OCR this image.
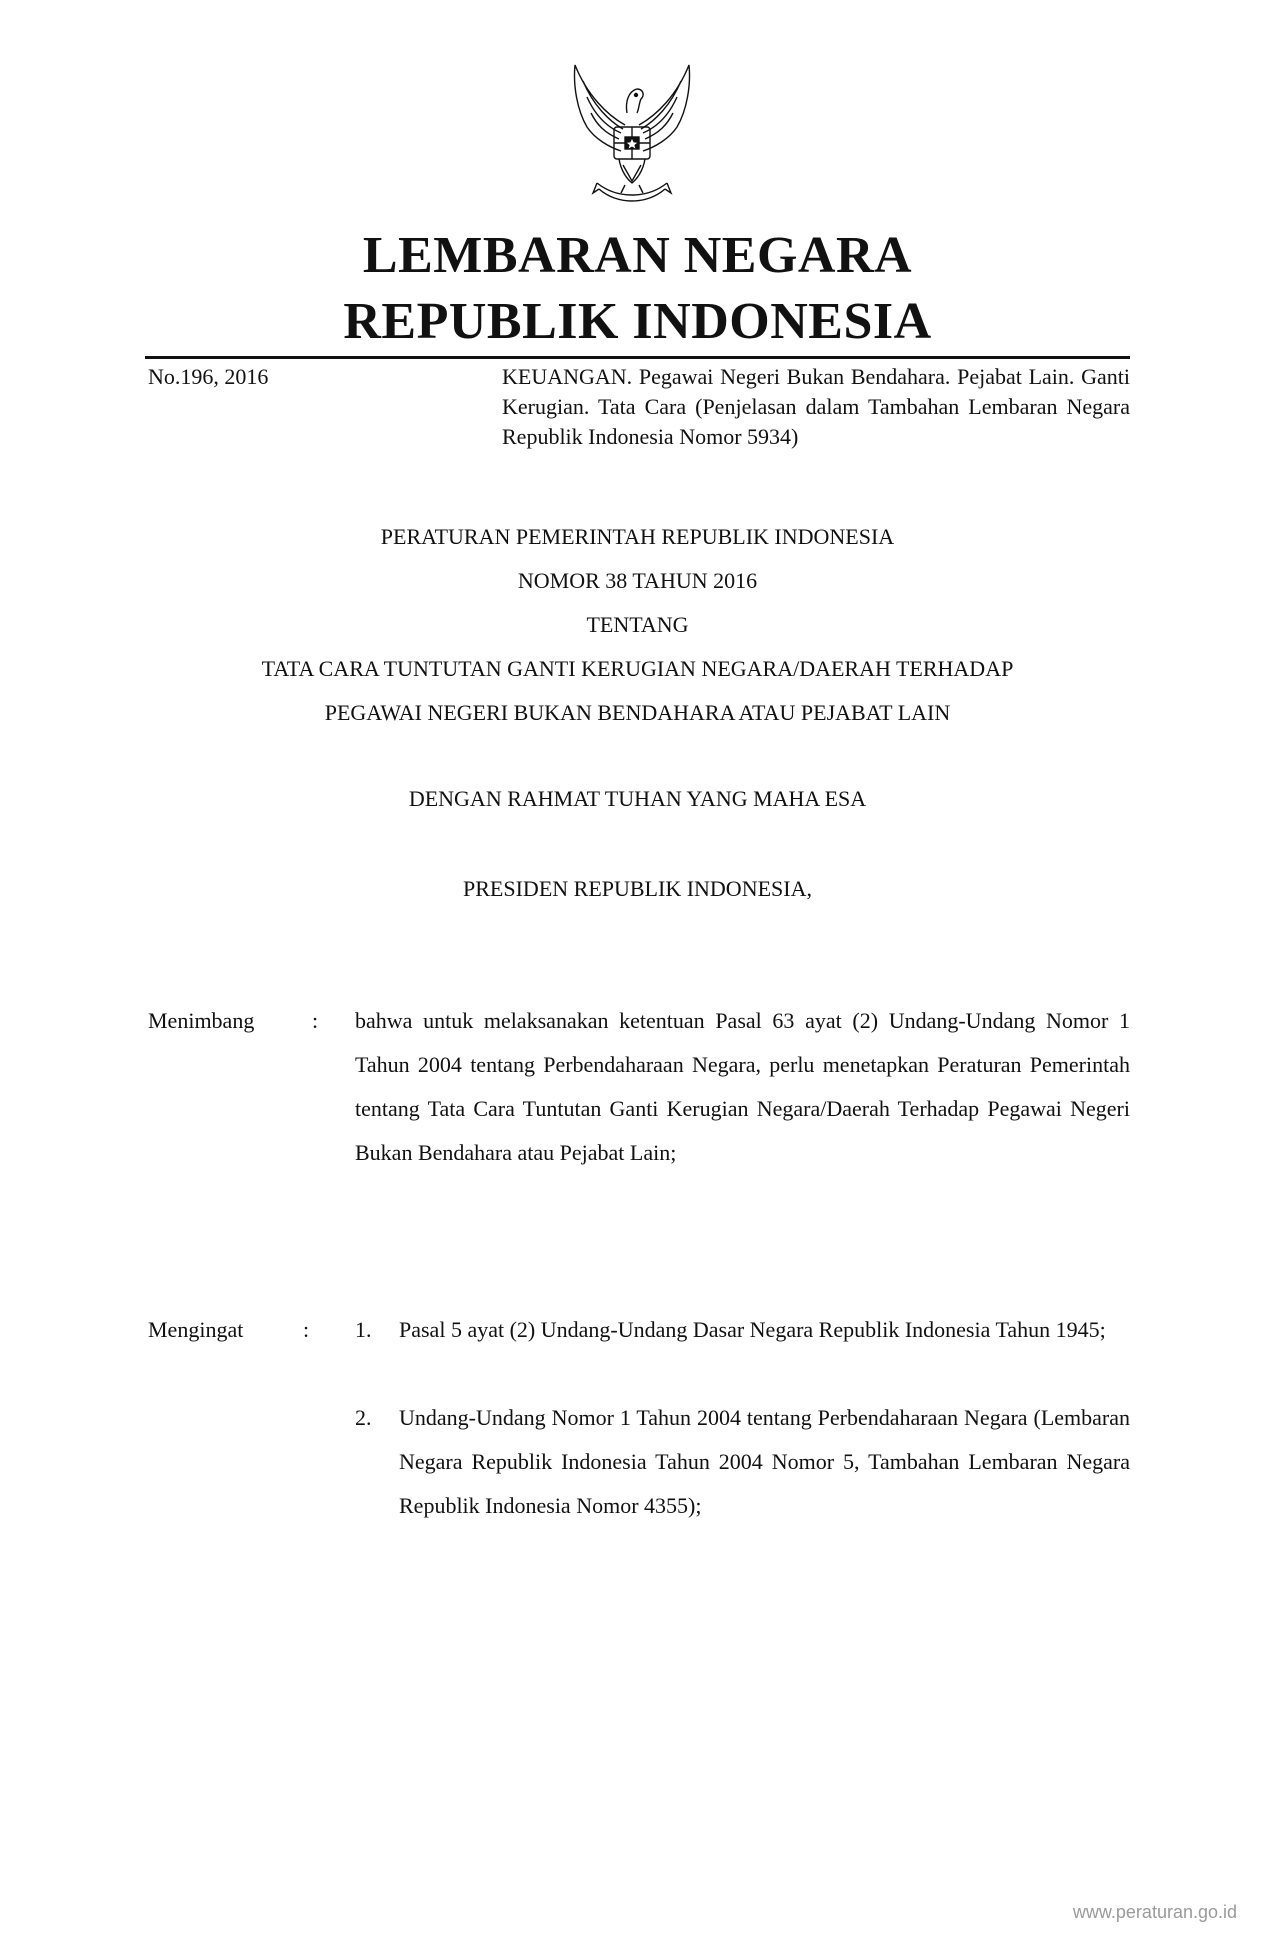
LEMBARAN NEGARA
REPUBLIK INDONESIA
No.196, 2016	KEUANGAN. Pegawai Negeri Bukan Bendahara. Pejabat Lain. Ganti Kerugian. Tata Cara (Penjelasan dalam Tambahan Lembaran Negara Republik Indonesia Nomor 5934)
PERATURAN PEMERINTAH REPUBLIK INDONESIA
NOMOR 38 TAHUN 2016
TENTANG
TATA CARA TUNTUTAN GANTI KERUGIAN NEGARA/DAERAH TERHADAP
PEGAWAI NEGERI BUKAN BENDAHARA ATAU PEJABAT LAIN
DENGAN RAHMAT TUHAN YANG MAHA ESA
PRESIDEN REPUBLIK INDONESIA,
Menimbang	: bahwa untuk melaksanakan ketentuan Pasal 63 ayat (2) Undang-Undang Nomor 1 Tahun 2004 tentang Perbendaharaan Negara, perlu menetapkan Peraturan Pemerintah tentang Tata Cara Tuntutan Ganti Kerugian Negara/Daerah Terhadap Pegawai Negeri Bukan Bendahara atau Pejabat Lain;
Mengingat	: 1. Pasal 5 ayat (2) Undang-Undang Dasar Negara Republik Indonesia Tahun 1945;
2. Undang-Undang Nomor 1 Tahun 2004 tentang Perbendaharaan Negara (Lembaran Negara Republik Indonesia Tahun 2004 Nomor 5, Tambahan Lembaran Negara Republik Indonesia Nomor 4355);
www.peraturan.go.id
